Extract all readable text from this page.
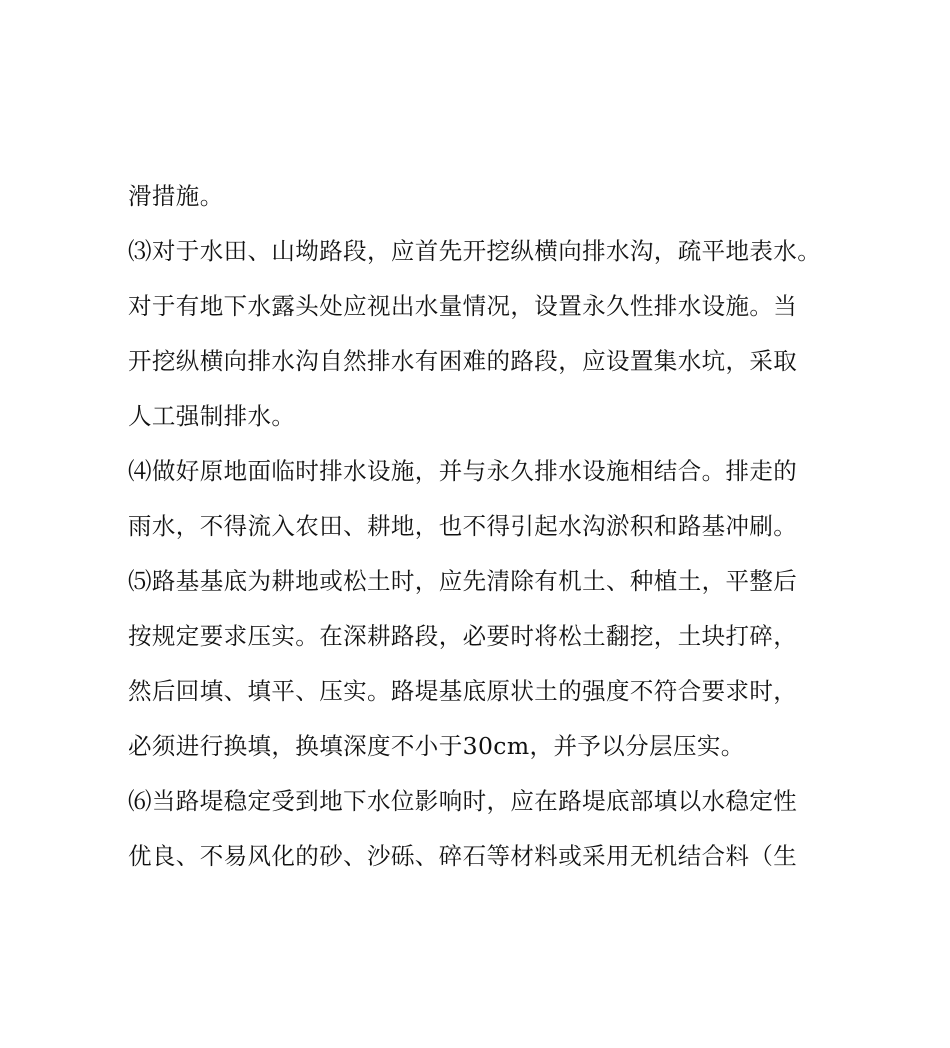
滑措施。
⑶对于水田、山坳路段，应首先开挖纵横向排水沟，疏平地表水。
对于有地下水露头处应视出水量情况，设置永久性排水设施。当
开挖纵横向排水沟自然排水有困难的路段，应设置集水坑，采取
人工强制排水。
⑷做好原地面临时排水设施，并与永久排水设施相结合。排走的
雨水，不得流入农田、耕地，也不得引起水沟淤积和路基冲刷。
⑸路基基底为耕地或松土时，应先清除有机土、种植土，平整后
按规定要求压实。在深耕路段，必要时将松土翻挖，土块打碎，
然后回填、填平、压实。路堤基底原状土的强度不符合要求时，
必须进行换填，换填深度不小于30cm，并予以分层压实。
⑹当路堤稳定受到地下水位影响时，应在路堤底部填以水稳定性
优良、不易风化的砂、沙砾、碎石等材料或采用无机结合料（生
